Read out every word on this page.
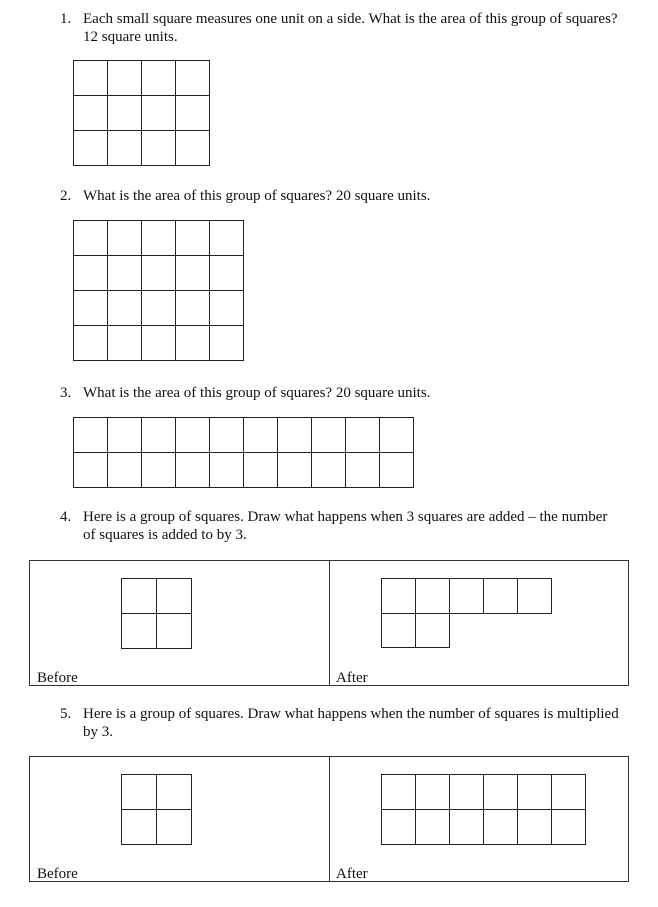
1. Each small square measures one unit on a side. What is the area of this group of squares? 12 square units.
2. What is the area of this group of squares? 20 square units.
3. What is the area of this group of squares? 20 square units.
4. Here is a group of squares. Draw what happens when 3 squares are added – the number of squares is added to by 3.
Before	After
5. Here is a group of squares. Draw what happens when the number of squares is multiplied by 3.
Before	After
